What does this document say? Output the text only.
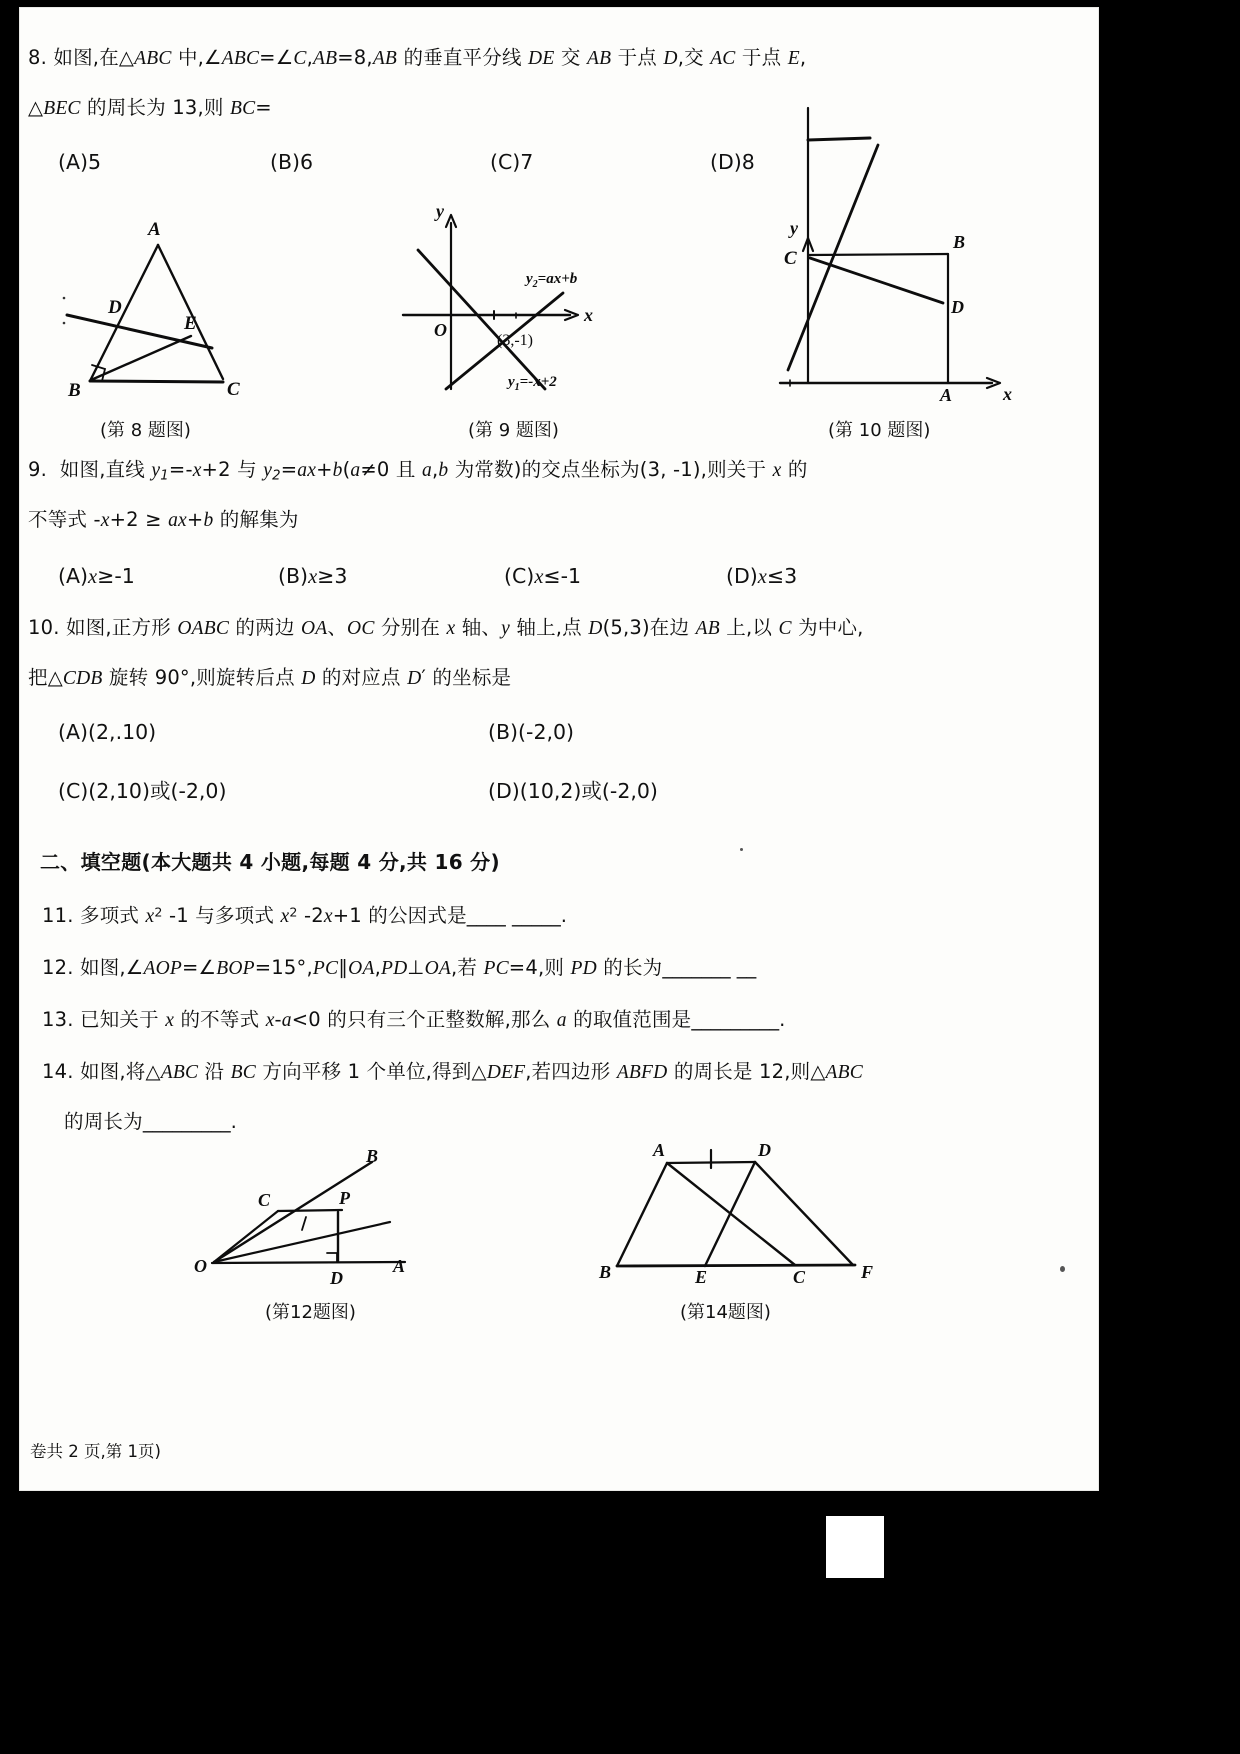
8. 如图,在△ABC 中,∠ABC=∠C,AB=8,AB 的垂直平分线 DE 交 AB 于点 D,交 AC 于点 E,
△BEC 的周长为 13,则 BC=
(A)5	(B)6	(C)7	(D)8
A
D
E
B	C
(第 8 题图)
y
x
O
$y_2=ax+b$
(3,-1)
$y_1=-x+2$
(第 9 题图)
y
C
B
D
A	x
(第 10 题图)
9.  如图,直线 $y_1=-x+2$ 与 $y_2=ax+b(a\ne 0$ 且 a,b 为常数)的交点坐标为(3, -1),则关于 x 的
不等式 -x+2 ≥ ax+b 的解集为
(A)x≥-1	(B)x≥3	(C)x≤-1	(D)x≤3
10. 如图,正方形 OABC 的两边 OA、OC 分别在 x 轴、y 轴上,点 D(5,3)在边 AB 上,以 C 为中心,
把△CDB 旋转 90°,则旋转后点 D 的对应点 D′ 的坐标是
(A)(2,.10)	(B)(-2,0)
(C)(2,10)或(-2,0)	(D)(10,2)或(-2,0)
二、填空题(本大题共 4 小题,每题 4 分,共 16 分)
11. 多项式 $x^2$ -1 与多项式 $x^2$ -2x+1 的公因式是____ _____.
12. 如图,∠AOP=∠BOP=15°,PC∥OA,PD⊥OA,若 PC=4,则 PD 的长为_______ __
13. 已知关于 x 的不等式 x-a<0 的只有三个正整数解,那么 a 的取值范围是_________.
14. 如图,将△ABC 沿 BC 方向平移 1 个单位,得到△DEF,若四边形 ABFD 的周长是 12,则△ABC
的周长为_________.
B
C	P
O
D
A
(第12题图)
A	D
B	E	C	F
(第14题图)
卷共 2 页,第 1页)
